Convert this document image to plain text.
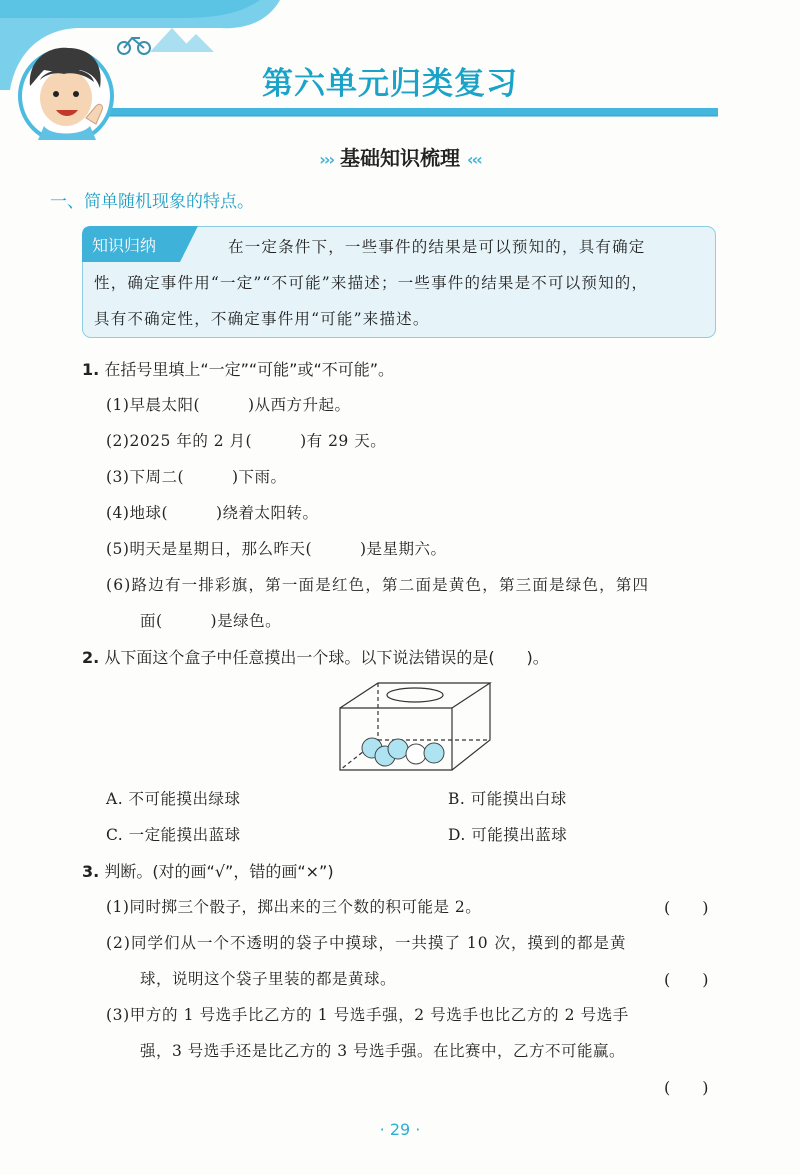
第六单元归类复习
››› 基础知识梳理 ‹‹‹
一、简单随机现象的特点。
知识归纳	在一定条件下，一些事件的结果是可以预知的，具有确定
性，确定事件用“一定”“不可能”来描述；一些事件的结果是不可以预知的，
具有不确定性，不确定事件用“可能”来描述。
1. 在括号里填上“一定”“可能”或“不可能”。
(1)早晨太阳(　　　)从西方升起。
(2)2025 年的 2 月(　　　)有 29 天。
(3)下周二(　　　)下雨。
(4)地球(　　　)绕着太阳转。
(5)明天是星期日，那么昨天(　　　)是星期六。
(6)路边有一排彩旗，第一面是红色，第二面是黄色，第三面是绿色，第四
面(　　　)是绿色。
2. 从下面这个盒子中任意摸出一个球。以下说法错误的是(　　)。
A. 不可能摸出绿球	B. 可能摸出白球
C. 一定能摸出蓝球	D. 可能摸出蓝球
3. 判断。(对的画“√”，错的画“×”)
(1)同时掷三个骰子，掷出来的三个数的积可能是 2。	(　　)
(2)同学们从一个不透明的袋子中摸球，一共摸了 10 次，摸到的都是黄
球，说明这个袋子里装的都是黄球。	(　　)
(3)甲方的 1 号选手比乙方的 1 号选手强，2 号选手也比乙方的 2 号选手
强，3 号选手还是比乙方的 3 号选手强。在比赛中，乙方不可能赢。
(　　)
· 29 ·
